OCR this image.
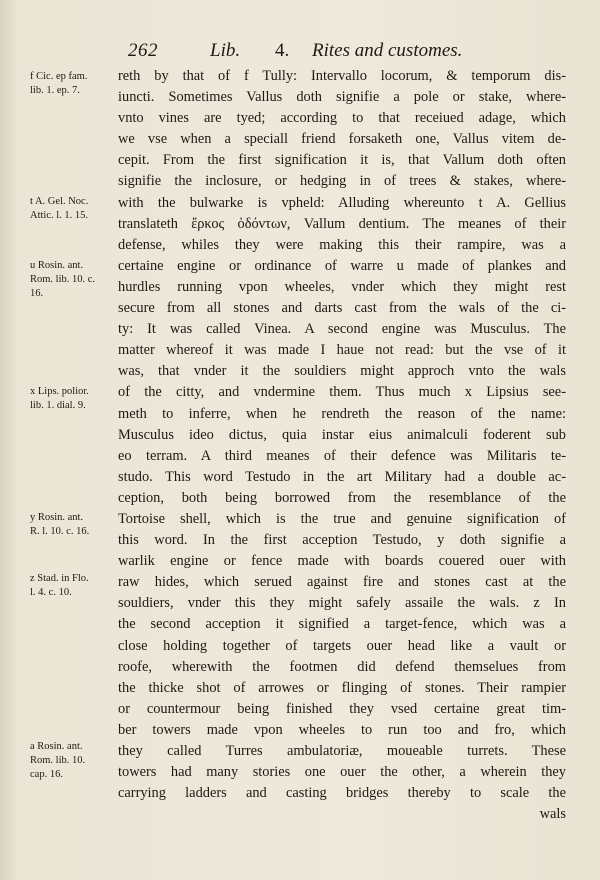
262	Lib. 4. Rites and customes.
reth by that of f Tully: Intervallo locorum, & temporum dis-
iuncti. Sometimes Vallus doth signifie a pole or stake, where-
vnto vines are tyed; according to that receiued adage, which
we vse when a speciall friend forsaketh one, Vallus vitem de-
cepit. From the first signification it is, that Vallum doth often
signifie the inclosure, or hedging in of trees & stakes, where-
with the bulwarke is vpheld: Alluding whereunto t A. Gellius
translateth ἕρκος ὀδόντων, Vallum dentium. The meanes of their
defense, whiles they were making this their rampire, was a
certaine engine or ordinance of warre u made of plankes and
hurdles running vpon wheeles, vnder which they might rest
secure from all stones and darts cast from the wals of the ci-
ty: It was called Vinea. A second engine was Musculus. The
matter whereof it was made I haue not read: but the vse of it
was, that vnder it the souldiers might approch vnto the wals
of the citty, and vndermine them. Thus much x Lipsius see-
meth to inferre, when he rendreth the reason of the name:
Musculus ideo dictus, quia instar eius animalculi foderent sub
eo terram. A third meanes of their defence was Militaris te-
studo. This word Testudo in the art Military had a double ac-
ception, both being borrowed from the resemblance of the
Tortoise shell, which is the true and genuine signification of
this word. In the first acception Testudo, y doth signifie a
warlik engine or fence made with boards couered ouer with
raw hides, which serued against fire and stones cast at the
souldiers, vnder this they might safely assaile the wals. z In
the second acception it signified a target-fence, which was a
close holding together of targets ouer head like a vault or
roofe, wherewith the footmen did defend themselues from
the thicke shot of arrowes or flinging of stones. Their rampier
or countermour being finished they vsed certaine great tim-
ber towers made vpon wheeles to run too and fro, which
they called Turres ambulatoriæ, moueable turrets. These
towers had many stories one ouer the other, a wherein they
carrying ladders and casting bridges thereby to scale the
wals
f Cic. ep fam.
lib. 1. ep. 7.
t A. Gel. Noc.
Attic. l. 1. 15.
u Rosin. ant.
Rom. lib. 10. c.
16.
x Lips. polior.
lib. 1. dial. 9.
y Rosin. ant.
R. l. 10. c. 16.
z Stad. in Flo.
l. 4. c. 10.
a Rosin. ant.
Rom. lib. 10.
cap. 16.
